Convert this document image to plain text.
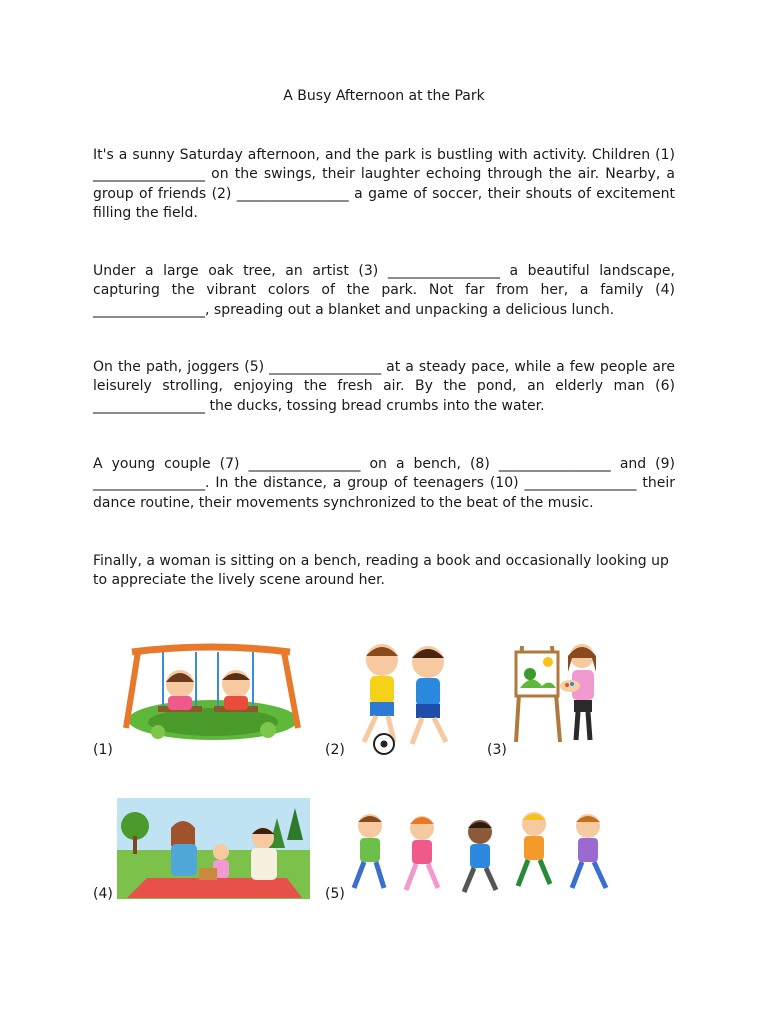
A Busy Afternoon at the Park

It's a sunny Saturday afternoon, and the park is bustling with activity. Children (1) ________________ on the swings, their laughter echoing through the air. Nearby, a group of friends (2) ________________ a game of soccer, their shouts of excitement filling the field.

Under a large oak tree, an artist (3) ________________ a beautiful landscape, capturing the vibrant colors of the park. Not far from her, a family (4) ________________, spreading out a blanket and unpacking a delicious lunch.

On the path, joggers (5) ________________ at a steady pace, while a few people are leisurely strolling, enjoying the fresh air. By the pond, an elderly man (6) ________________ the ducks, tossing bread crumbs into the water.

A young couple (7) ________________ on a bench, (8) ________________ and (9) ________________. In the distance, a group of teenagers (10) ________________ their dance routine, their movements synchronized to the beat of the music.

Finally, a woman is sitting on a bench, reading a book and occasionally looking up to appreciate the lively scene around her.

(1)	(2)	(3)
(4)	(5)
